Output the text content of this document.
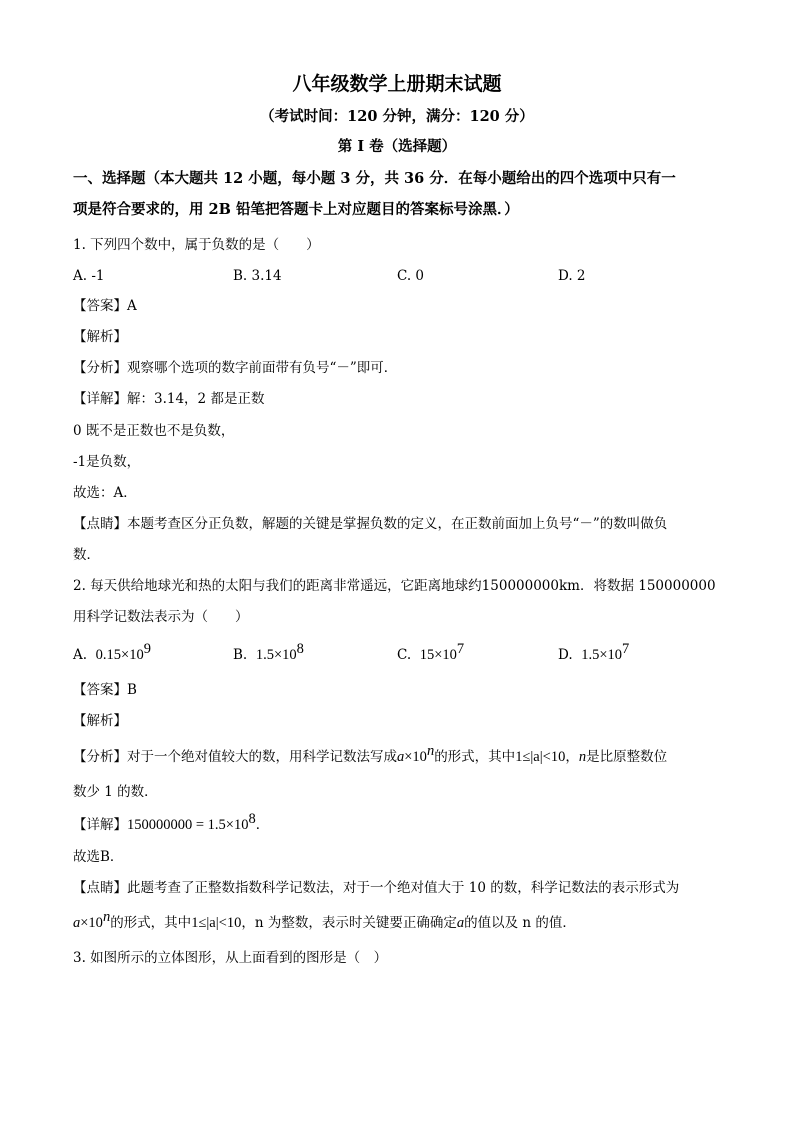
八年级数学上册期末试题
（考试时间：120 分钟，满分：120 分）
第 I 卷（选择题）
一、选择题（本大题共 12 小题，每小题 3 分，共 36 分．在每小题给出的四个选项中只有一
项是符合要求的，用 2B 铅笔把答题卡上对应题目的答案标号涂黑．）
1. 下列四个数中，属于负数的是（　　）
A. -1	B. 3.14	C. 0	D. 2
【答案】A
【解析】
【分析】观察哪个选项的数字前面带有负号“－”即可．
【详解】解：3.14，2 都是正数
0 既不是正数也不是负数，
-1是负数，
故选：A．
【点睛】本题考查区分正负数，解题的关键是掌握负数的定义，在正数前面加上负号“－”的数叫做负
数．
2. 每天供给地球光和热的太阳与我们的距离非常遥远，它距离地球约150000000km．将数据 150000000
用科学记数法表示为（　　）
A. $0.15\times 10^9$	B. $1.5\times 10^8$	C. $15\times 10^7$	D. $1.5\times 10^7$
【答案】B
【解析】
【分析】对于一个绝对值较大的数，用科学记数法写成$a\times 10^n$的形式，其中1≤|a|<10，n是比原整数位
数少 1 的数．
【详解】$150000000 = 1.5\times 10^8$．
故选B．
【点睛】此题考查了正整数指数科学记数法，对于一个绝对值大于 10 的数，科学记数法的表示形式为
$a\times 10^n$的形式，其中1≤|a|<10，n 为整数，表示时关键要正确确定a的值以及 n 的值．
3. 如图所示的立体图形，从上面看到的图形是（　）
